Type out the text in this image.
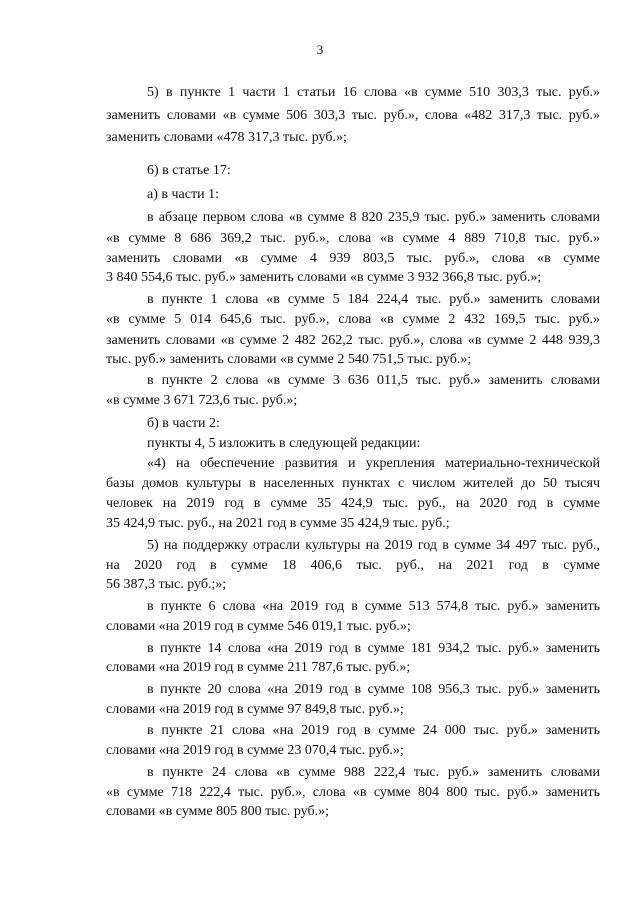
3
5) в пункте 1 части 1 статьи 16 слова «в сумме 510 303,3 тыс. руб.»
заменить словами «в сумме 506 303,3 тыс. руб.», слова «482 317,3 тыс. руб.»
заменить словами «478 317,3 тыс. руб.»;
6) в статье 17:
а) в части 1:
в абзаце первом слова «в сумме 8 820 235,9 тыс. руб.» заменить словами
«в сумме 8 686 369,2 тыс. руб.», слова «в сумме 4 889 710,8 тыс. руб.»
заменить словами «в сумме 4 939 803,5 тыс. руб.», слова «в сумме
3 840 554,6 тыс. руб.» заменить словами «в сумме 3 932 366,8 тыс. руб.»;
в пункте 1 слова «в сумме 5 184 224,4 тыс. руб.» заменить словами
«в сумме 5 014 645,6 тыс. руб.», слова «в сумме 2 432 169,5 тыс. руб.»
заменить словами «в сумме 2 482 262,2 тыс. руб.», слова «в сумме 2 448 939,3
тыс. руб.» заменить словами «в сумме 2 540 751,5 тыс. руб.»;
в пункте 2 слова «в сумме 3 636 011,5 тыс. руб.» заменить словами
«в сумме 3 671 723,6 тыс. руб.»;
б) в части 2:
пункты 4, 5 изложить в следующей редакции:
«4) на обеспечение развития и укрепления материально-технической
базы домов культуры в населенных пунктах с числом жителей до 50 тысяч
человек на 2019 год в сумме 35 424,9 тыс. руб., на 2020 год в сумме
35 424,9 тыс. руб., на 2021 год в сумме 35 424,9 тыс. руб.;
5) на поддержку отрасли культуры на 2019 год в сумме 34 497 тыс. руб.,
на 2020 год в сумме 18 406,6 тыс. руб., на 2021 год в сумме
56 387,3 тыс. руб.;»;
в пункте 6 слова «на 2019 год в сумме 513 574,8 тыс. руб.» заменить
словами «на 2019 год в сумме 546 019,1 тыс. руб.»;
в пункте 14 слова «на 2019 год в сумме 181 934,2 тыс. руб.» заменить
словами «на 2019 год в сумме 211 787,6 тыс. руб.»;
в пункте 20 слова «на 2019 год в сумме 108 956,3 тыс. руб.» заменить
словами «на 2019 год в сумме 97 849,8 тыс. руб.»;
в пункте 21 слова «на 2019 год в сумме 24 000 тыс. руб.» заменить
словами «на 2019 год в сумме 23 070,4 тыс. руб.»;
в пункте 24 слова «в сумме 988 222,4 тыс. руб.» заменить словами
«в сумме 718 222,4 тыс. руб.», слова «в сумме 804 800 тыс. руб.» заменить
словами «в сумме 805 800 тыс. руб.»;
